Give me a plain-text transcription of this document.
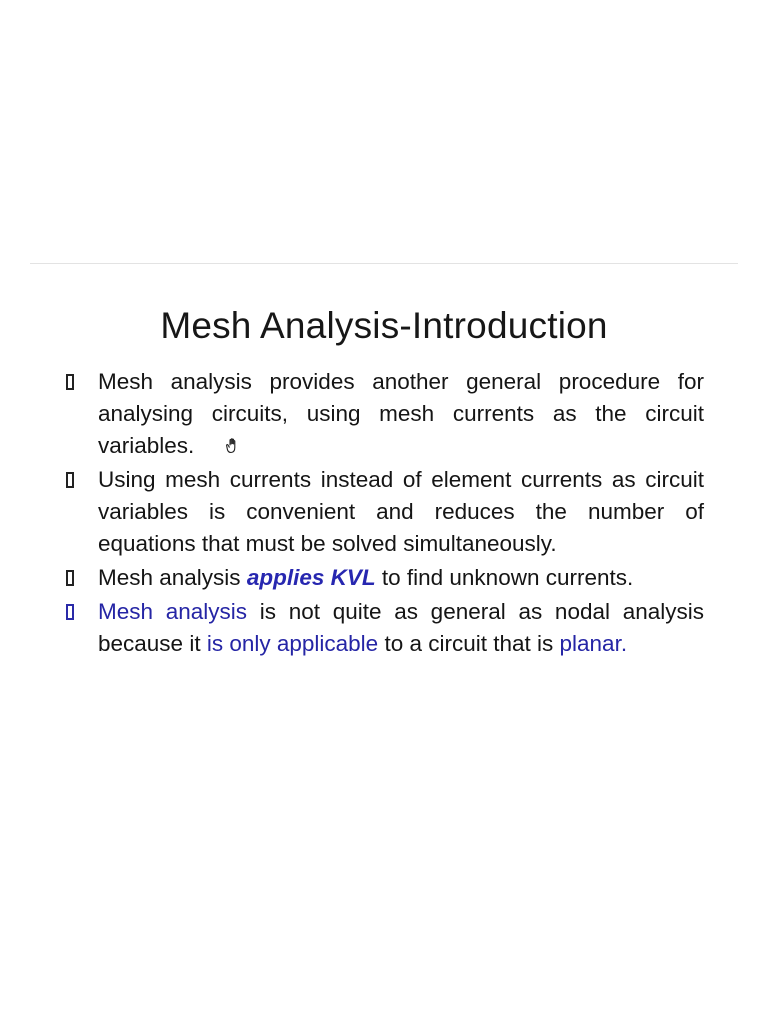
Mesh Analysis-Introduction
Mesh analysis provides another general procedure for analysing circuits, using mesh currents as the circuit variables.
Using mesh currents instead of element currents as circuit variables is convenient and reduces the number of equations that must be solved simultaneously.
Mesh analysis applies KVL to find unknown currents.
Mesh analysis is not quite as general as nodal analysis because it is only applicable to a circuit that is planar.
